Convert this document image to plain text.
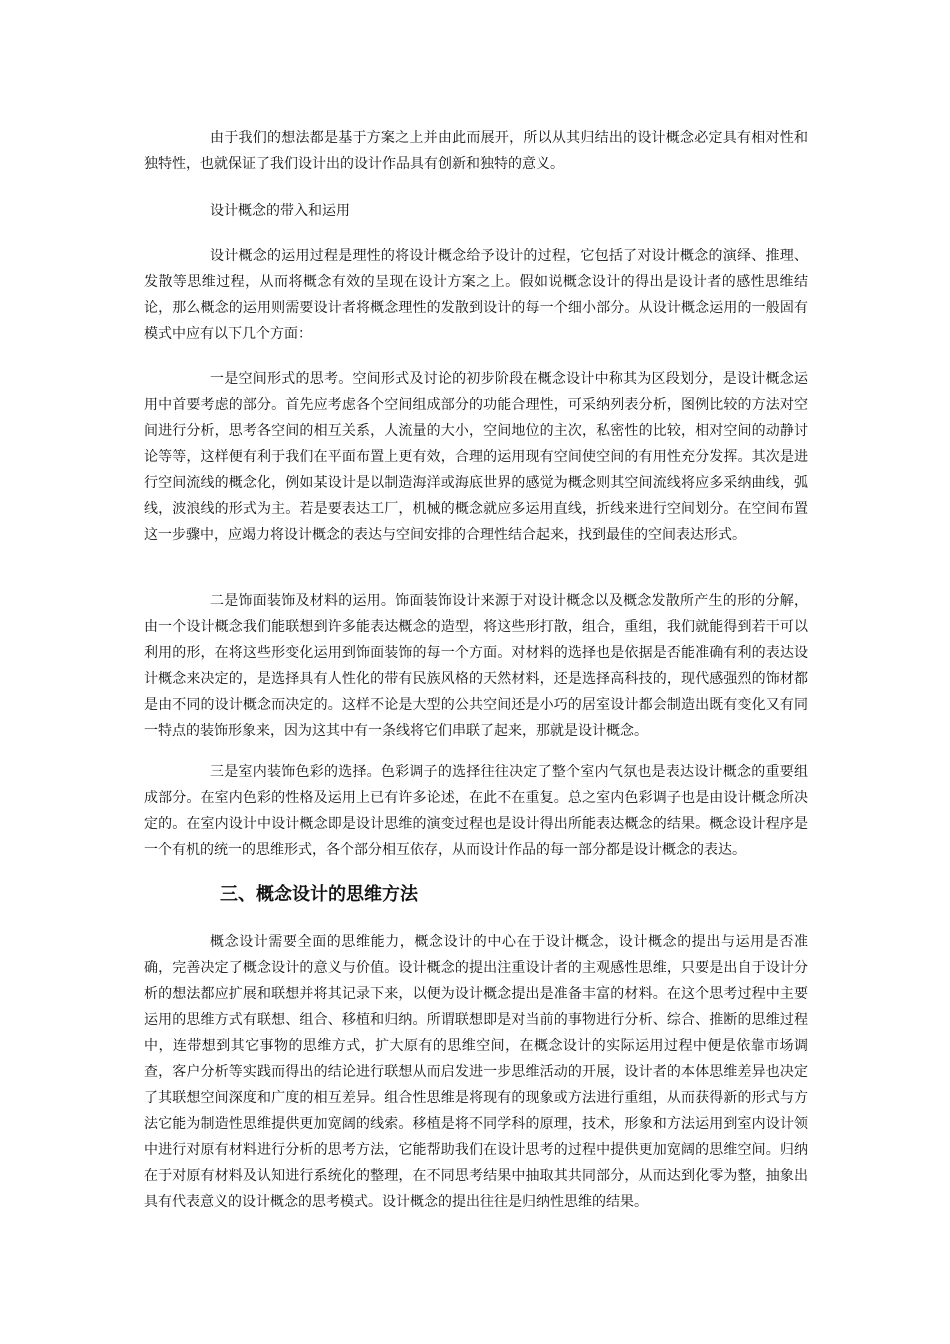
由于我们的想法都是基于方案之上并由此而展开，所以从其归结出的设计概念必定具有相对性和独特性，也就保证了我们设计出的设计作品具有创新和独特的意义。

设计概念的带入和运用

设计概念的运用过程是理性的将设计概念给予设计的过程，它包括了对设计概念的演绎、推理、发散等思维过程，从而将概念有效的呈现在设计方案之上。假如说概念设计的得出是设计者的感性思维结论，那么概念的运用则需要设计者将概念理性的发散到设计的每一个细小部分。从设计概念运用的一般固有模式中应有以下几个方面：

一是空间形式的思考。空间形式及讨论的初步阶段在概念设计中称其为区段划分，是设计概念运用中首要考虑的部分。首先应考虑各个空间组成部分的功能合理性，可采纳列表分析，图例比较的方法对空间进行分析，思考各空间的相互关系，人流量的大小，空间地位的主次，私密性的比较，相对空间的动静讨论等等，这样便有利于我们在平面布置上更有效，合理的运用现有空间使空间的有用性充分发挥。其次是进行空间流线的概念化，例如某设计是以制造海洋或海底世界的感觉为概念则其空间流线将应多采纳曲线，弧线，波浪线的形式为主。若是要表达工厂，机械的概念就应多运用直线，折线来进行空间划分。在空间布置这一步骤中，应竭力将设计概念的表达与空间安排的合理性结合起来，找到最佳的空间表达形式。

二是饰面装饰及材料的运用。饰面装饰设计来源于对设计概念以及概念发散所产生的形的分解，由一个设计概念我们能联想到许多能表达概念的造型，将这些形打散，组合，重组，我们就能得到若干可以利用的形，在将这些形变化运用到饰面装饰的每一个方面。对材料的选择也是依据是否能准确有利的表达设计概念来决定的，是选择具有人性化的带有民族风格的天然材料，还是选择高科技的，现代感强烈的饰材都是由不同的设计概念而决定的。这样不论是大型的公共空间还是小巧的居室设计都会制造出既有变化又有同一特点的装饰形象来，因为这其中有一条线将它们串联了起来，那就是设计概念。

三是室内装饰色彩的选择。色彩调子的选择往往决定了整个室内气氛也是表达设计概念的重要组成部分。在室内色彩的性格及运用上已有许多论述，在此不在重复。总之室内色彩调子也是由设计概念所决定的。在室内设计中设计概念即是设计思维的演变过程也是设计得出所能表达概念的结果。概念设计程序是一个有机的统一的思维形式，各个部分相互依存，从而设计作品的每一部分都是设计概念的表达。

三、概念设计的思维方法

概念设计需要全面的思维能力，概念设计的中心在于设计概念，设计概念的提出与运用是否准确，完善决定了概念设计的意义与价值。设计概念的提出注重设计者的主观感性思维，只要是出自于设计分析的想法都应扩展和联想并将其记录下来，以便为设计概念提出是准备丰富的材料。在这个思考过程中主要运用的思维方式有联想、组合、移植和归纳。所谓联想即是对当前的事物进行分析、综合、推断的思维过程中，连带想到其它事物的思维方式，扩大原有的思维空间，在概念设计的实际运用过程中便是依靠市场调查，客户分析等实践而得出的结论进行联想从而启发进一步思维活动的开展，设计者的本体思维差异也决定了其联想空间深度和广度的相互差异。组合性思维是将现有的现象或方法进行重组，从而获得新的形式与方法它能为制造性思维提供更加宽阔的线索。移植是将不同学科的原理，技术，形象和方法运用到室内设计领中进行对原有材料进行分析的思考方法，它能帮助我们在设计思考的过程中提供更加宽阔的思维空间。归纳在于对原有材料及认知进行系统化的整理，在不同思考结果中抽取其共同部分，从而达到化零为整，抽象出具有代表意义的设计概念的思考模式。设计概念的提出往往是归纳性思维的结果。
